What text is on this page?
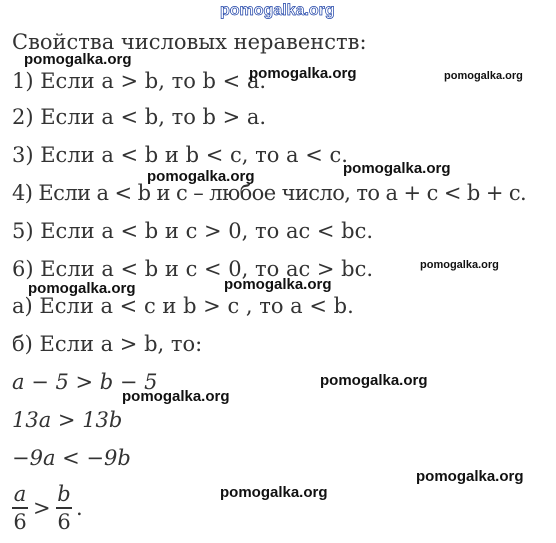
pomogalka.org

Свойства числовых неравенств:

1) Если a > b, то b < a.

2) Если a < b, то b > a.

3) Если a < b и b < c, то a < c.

4) Если a < b и c – любое число, то a + c < b + c.

5) Если a < b и c > 0, то ac < bc.

6) Если a < b и c < 0, то ac > bc.

а) Если a < c и b > c , то a < b.

б) Если a > b, то:

a − 5 > b − 5

13a > 13b

−9a < −9b

a
6
>
b
6
.
pomogalka.org
pomogalka.org	pomogalka.org
pomogalka.org
pomogalka.org
pomogalka.org
pomogalka.org
pomogalka.org
pomogalka.org
pomogalka.org
pomogalka.org
pomogalka.org
